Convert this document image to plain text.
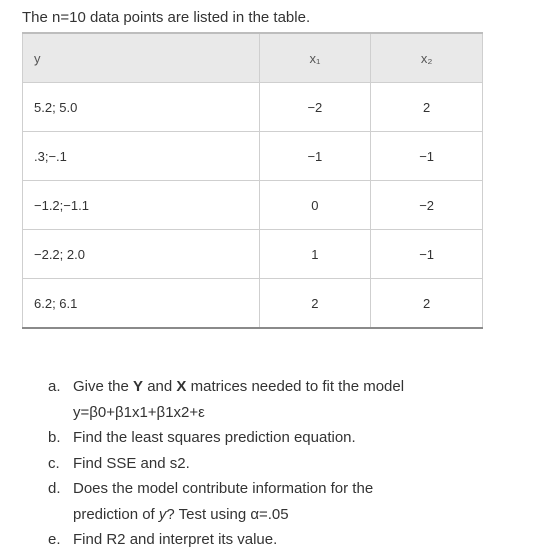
The n=10 data points are listed in the table.

y	x₁	x₂
5.2; 5.0	−2	2
.3;−.1	−1	−1
−1.2;−1.1	0	−2
−2.2; 2.0	1	−1
6.2; 6.1	2	2
a. Give the Y and X matrices needed to fit the model
y=β0+β1x1+β1x2+ε
b. Find the least squares prediction equation.
c. Find SSE and s2.
d. Does the model contribute information for the
prediction of y? Test using α=.05
e. Find R2 and interpret its value.
